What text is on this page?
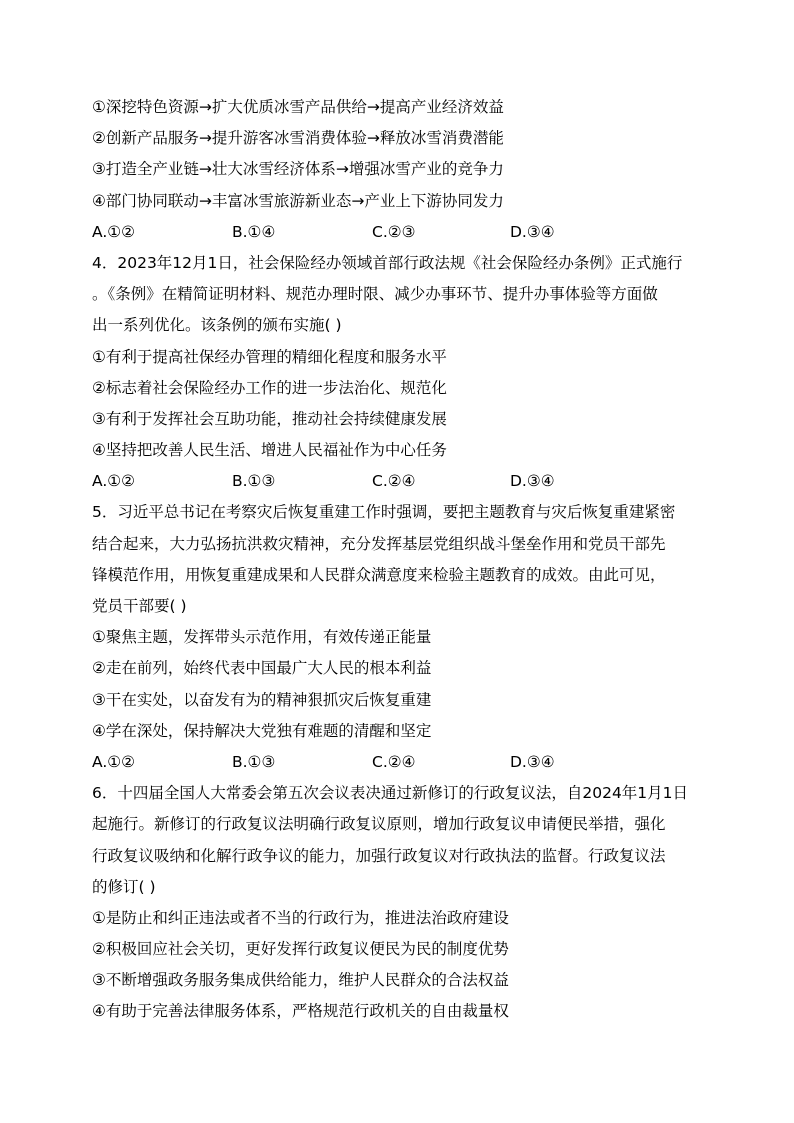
①深挖特色资源→扩大优质冰雪产品供给→提高产业经济效益
②创新产品服务→提升游客冰雪消费体验→释放冰雪消费潜能
③打造全产业链→壮大冰雪经济体系→增强冰雪产业的竞争力
④部门协同联动→丰富冰雪旅游新业态→产业上下游协同发力
A.①②	B.①④	C.②③	D.③④
4．2023年12月1日，社会保险经办领域首部行政法规《社会保险经办条例》正式施行
。《条例》在精简证明材料、规范办理时限、减少办事环节、提升办事体验等方面做
出一系列优化。该条例的颁布实施( )
①有利于提高社保经办管理的精细化程度和服务水平
②标志着社会保险经办工作的进一步法治化、规范化
③有利于发挥社会互助功能，推动社会持续健康发展
④坚持把改善人民生活、增进人民福祉作为中心任务
A.①②	B.①③	C.②④	D.③④
5．习近平总书记在考察灾后恢复重建工作时强调，要把主题教育与灾后恢复重建紧密
结合起来，大力弘扬抗洪救灾精神，充分发挥基层党组织战斗堡垒作用和党员干部先
锋模范作用，用恢复重建成果和人民群众满意度来检验主题教育的成效。由此可见，
党员干部要( )
①聚焦主题，发挥带头示范作用，有效传递正能量
②走在前列，始终代表中国最广大人民的根本利益
③干在实处，以奋发有为的精神狠抓灾后恢复重建
④学在深处，保持解决大党独有难题的清醒和坚定
A.①②	B.①③	C.②④	D.③④
6．十四届全国人大常委会第五次会议表决通过新修订的行政复议法，自2024年1月1日
起施行。新修订的行政复议法明确行政复议原则，增加行政复议申请便民举措，强化
行政复议吸纳和化解行政争议的能力，加强行政复议对行政执法的监督。行政复议法
的修订( )
①是防止和纠正违法或者不当的行政行为，推进法治政府建设
②积极回应社会关切，更好发挥行政复议便民为民的制度优势
③不断增强政务服务集成供给能力，维护人民群众的合法权益
④有助于完善法律服务体系，严格规范行政机关的自由裁量权
